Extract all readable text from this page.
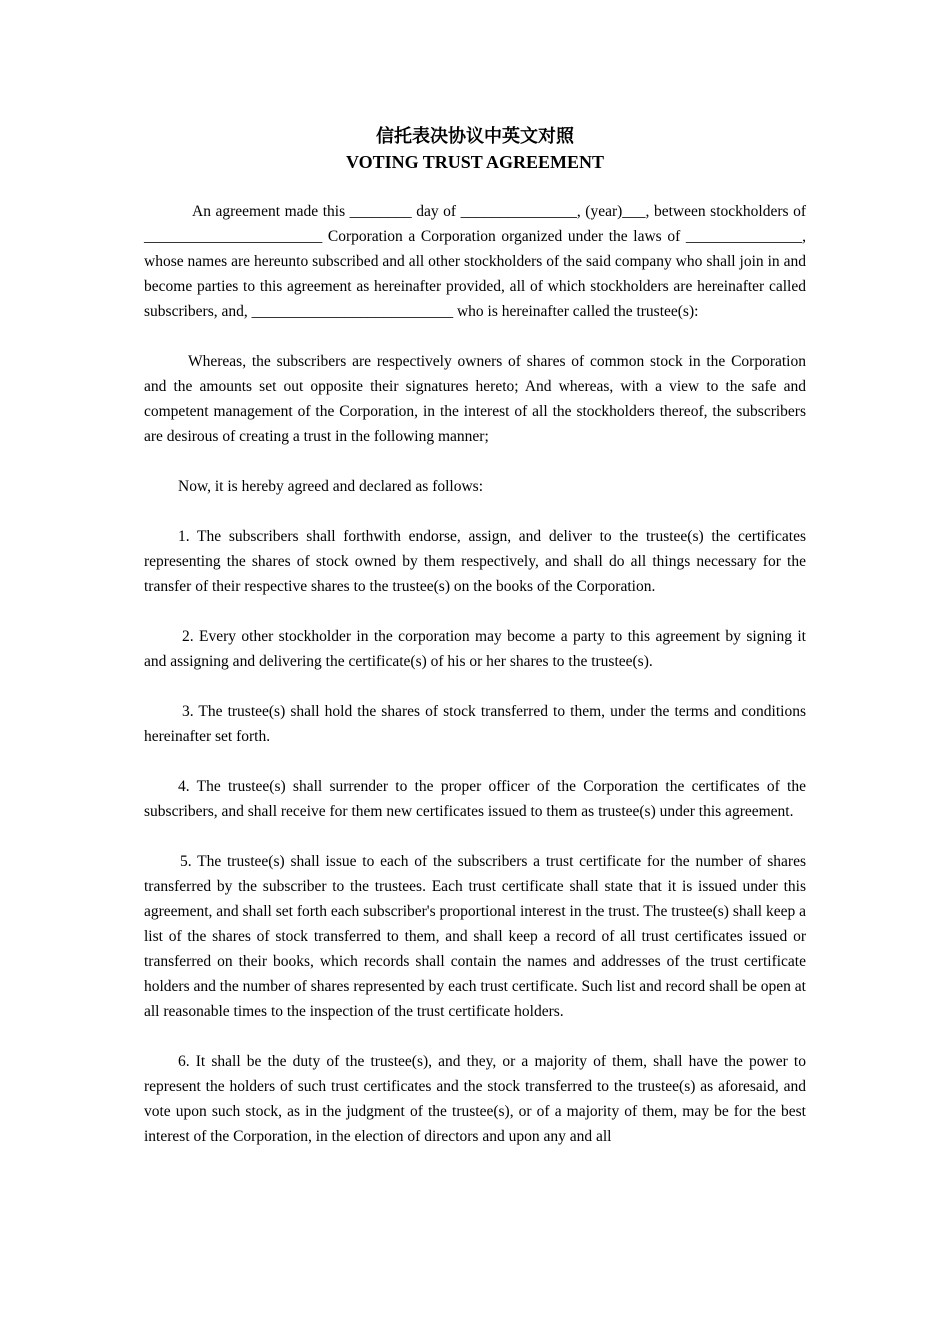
信托表决协议中英文对照
VOTING TRUST AGREEMENT

An agreement made this ________ day of _______________, (year)___, between stockholders of _______________________ Corporation a Corporation organized under the laws of _______________, whose names are hereunto subscribed and all other stockholders of the said company who shall join in and become parties to this agreement as hereinafter provided, all of which stockholders are hereinafter called subscribers, and, __________________________ who is hereinafter called the trustee(s):

Whereas, the subscribers are respectively owners of shares of common stock in the Corporation and the amounts set out opposite their signatures hereto; And whereas, with a view to the safe and competent management of the Corporation, in the interest of all the stockholders thereof, the subscribers are desirous of creating a trust in the following manner;

Now, it is hereby agreed and declared as follows:

1. The subscribers shall forthwith endorse, assign, and deliver to the trustee(s) the certificates representing the shares of stock owned by them respectively, and shall do all things necessary for the transfer of their respective shares to the trustee(s) on the books of the Corporation.

2. Every other stockholder in the corporation may become a party to this agreement by signing it and assigning and delivering the certificate(s) of his or her shares to the trustee(s).

3. The trustee(s) shall hold the shares of stock transferred to them, under the terms and conditions hereinafter set forth.

4. The trustee(s) shall surrender to the proper officer of the Corporation the certificates of the subscribers, and shall receive for them new certificates issued to them as trustee(s) under this agreement.

5. The trustee(s) shall issue to each of the subscribers a trust certificate for the number of shares transferred by the subscriber to the trustees. Each trust certificate shall state that it is issued under this agreement, and shall set forth each subscriber's proportional interest in the trust. The trustee(s) shall keep a list of the shares of stock transferred to them, and shall keep a record of all trust certificates issued or transferred on their books, which records shall contain the names and addresses of the trust certificate holders and the number of shares represented by each trust certificate. Such list and record shall be open at all reasonable times to the inspection of the trust certificate holders.

6. It shall be the duty of the trustee(s), and they, or a majority of them, shall have the power to represent the holders of such trust certificates and the stock transferred to the trustee(s) as aforesaid, and vote upon such stock, as in the judgment of the trustee(s), or of a majority of them, may be for the best interest of the Corporation, in the election of directors and upon any and all
